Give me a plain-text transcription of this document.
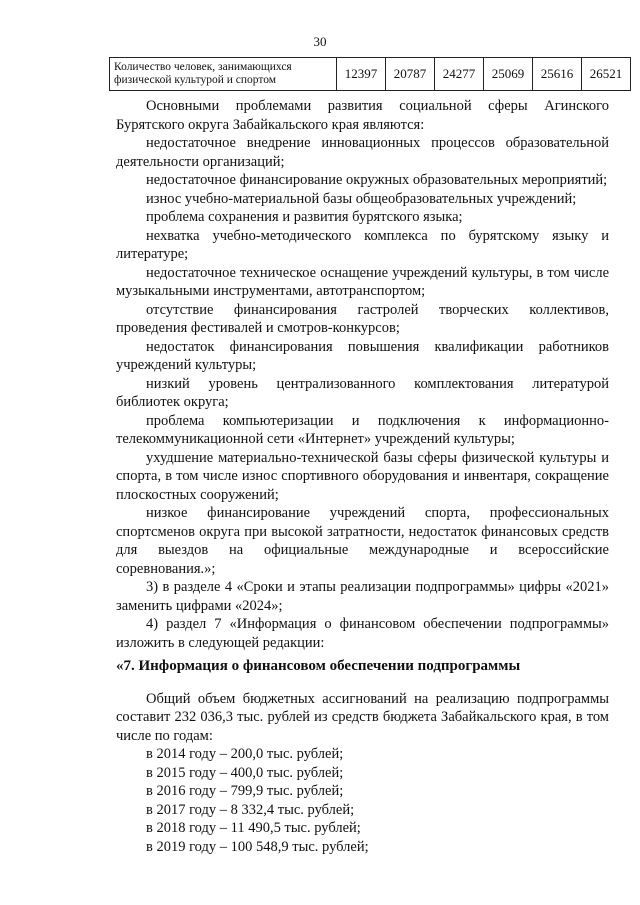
30
Количество человек, занимающихся физической культурой и спортом	12397	20787	24277	25069	25616	26521

Основными проблемами развития социальной сферы Агинского Бурятского округа Забайкальского края являются:

недостаточное внедрение инновационных процессов образовательной деятельности организаций;

недостаточное финансирование окружных образовательных мероприятий;

износ учебно-материальной базы общеобразовательных учреждений;

проблема сохранения и развития бурятского языка;

нехватка учебно-методического комплекса по бурятскому языку и литературе;

недостаточное техническое оснащение учреждений культуры, в том числе музыкальными инструментами, автотранспортом;

отсутствие финансирования гастролей творческих коллективов, проведения фестивалей и смотров-конкурсов;

недостаток финансирования повышения квалификации работников учреждений культуры;

низкий уровень централизованного комплектования литературой библиотек округа;

проблема компьютеризации и подключения к информационно-телекоммуникационной сети «Интернет» учреждений культуры;

ухудшение материально-технической базы сферы физической культуры и спорта, в том числе износ спортивного оборудования и инвентаря, сокращение плоскостных сооружений;

низкое финансирование учреждений спорта, профессиональных спортсменов округа при высокой затратности, недостаток финансовых средств для выездов на официальные международные и всероссийские соревнования.»;

3) в разделе 4 «Сроки и этапы реализации подпрограммы» цифры «2021» заменить цифрами «2024»;

4) раздел 7 «Информация о финансовом обеспечении подпрограммы» изложить в следующей редакции:

«7. Информация о финансовом обеспечении подпрограммы

Общий объем бюджетных ассигнований на реализацию подпрограммы составит 232 036,3 тыс. рублей из средств бюджета Забайкальского края, в том числе по годам:

в 2014 году – 200,0 тыс. рублей;

в 2015 году – 400,0 тыс. рублей;

в 2016 году – 799,9 тыс. рублей;

в 2017 году – 8 332,4 тыс. рублей;

в 2018 году – 11 490,5 тыс. рублей;

в 2019 году – 100 548,9 тыс. рублей;
